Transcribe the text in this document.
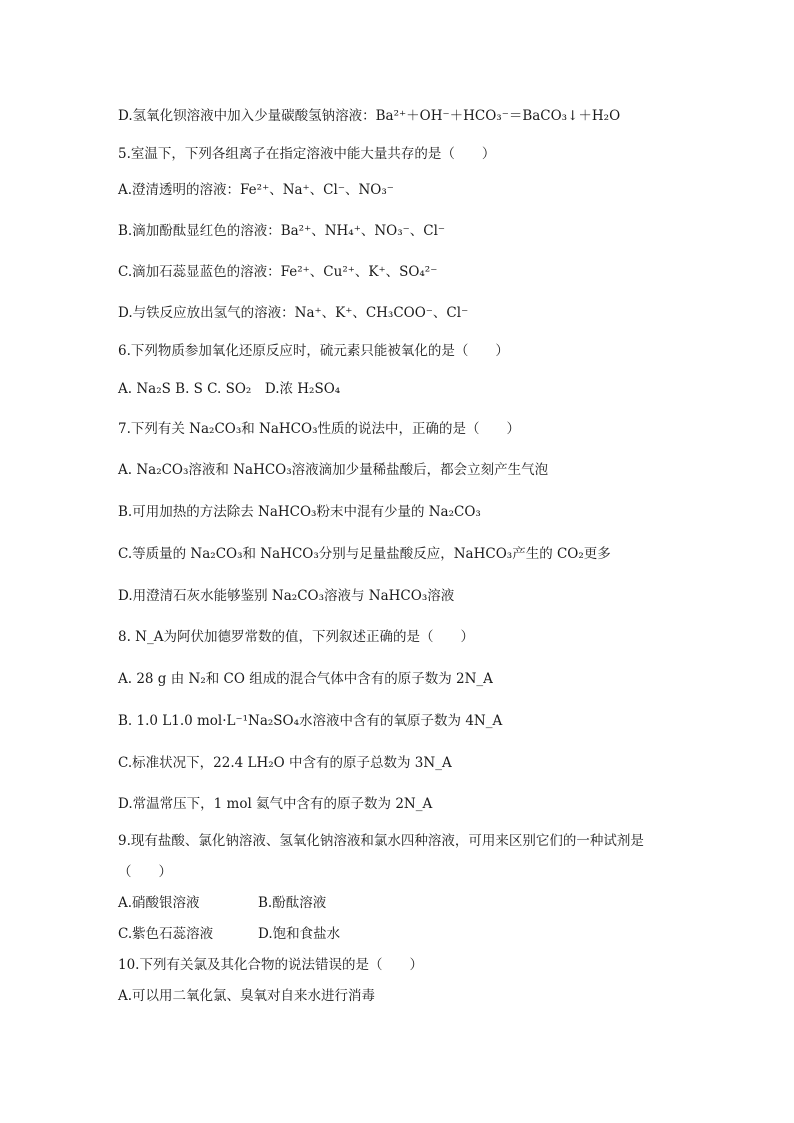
D.氢氧化钡溶液中加入少量碳酸氢钠溶液：Ba²⁺＋OH⁻＋HCO₃⁻＝BaCO₃↓＋H₂O
5.室温下，下列各组离子在指定溶液中能大量共存的是（　　）
A.澄清透明的溶液：Fe²⁺、Na⁺、Cl⁻、NO₃⁻
B.滴加酚酞显红色的溶液：Ba²⁺、NH₄⁺、NO₃⁻、Cl⁻
C.滴加石蕊显蓝色的溶液：Fe²⁺、Cu²⁺、K⁺、SO₄²⁻
D.与铁反应放出氢气的溶液：Na⁺、K⁺、CH₃COO⁻、Cl⁻
6.下列物质参加氧化还原反应时，硫元素只能被氧化的是（　　）
A. Na₂S B. S C. SO₂　D.浓 H₂SO₄
7.下列有关 Na₂CO₃和 NaHCO₃性质的说法中，正确的是（　　）
A. Na₂CO₃溶液和 NaHCO₃溶液滴加少量稀盐酸后，都会立刻产生气泡
B.可用加热的方法除去 NaHCO₃粉末中混有少量的 Na₂CO₃
C.等质量的 Na₂CO₃和 NaHCO₃分别与足量盐酸反应，NaHCO₃产生的 CO₂更多
D.用澄清石灰水能够鉴别 Na₂CO₃溶液与 NaHCO₃溶液
8. N_A为阿伏加德罗常数的值，下列叙述正确的是（　　）
A. 28 g 由 N₂和 CO 组成的混合气体中含有的原子数为 2N_A
B. 1.0 L1.0 mol·L⁻¹Na₂SO₄水溶液中含有的氧原子数为 4N_A
C.标准状况下，22.4 LH₂O 中含有的原子总数为 3N_A
D.常温常压下，1 mol 氦气中含有的原子数为 2N_A
9.现有盐酸、氯化钠溶液、氢氧化钠溶液和氯水四种溶液，可用来区别它们的一种试剂是
（　　）
A.硝酸银溶液	B.酚酞溶液
C.紫色石蕊溶液	D.饱和食盐水
10.下列有关氯及其化合物的说法错误的是（　　）
A.可以用二氧化氯、臭氧对自来水进行消毒
